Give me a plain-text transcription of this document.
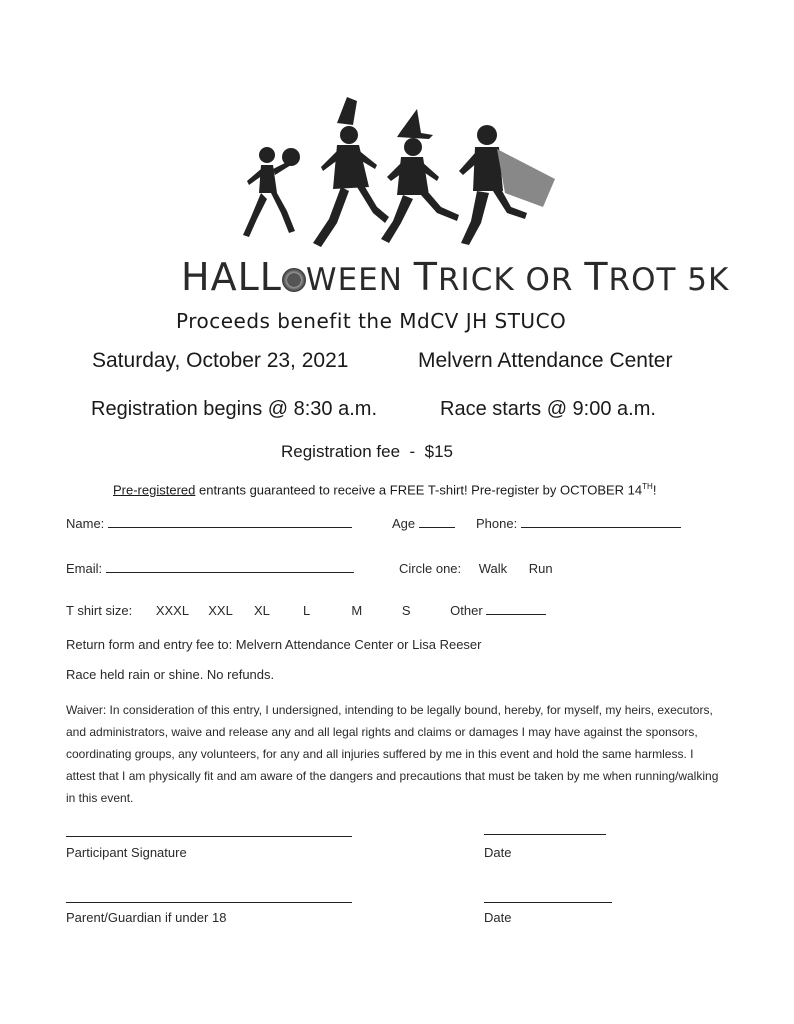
HALL WEEN TRICK OR TROT 5K
Proceeds benefit the MdCV JH STUCO
Saturday, October 23, 2021	Melvern Attendance Center
Registration begins @ 8:30 a.m.	Race starts @ 9:00 a.m.
Registration fee  -  $15
Pre-registered entrants guaranteed to receive a FREE T-shirt! Pre-register by OCTOBER 14TH!
Name:	Age	Phone:
Email:	Circle one: Walk Run
T shirt size: XXXL XXL XL	L	M	S	Other
Return form and entry fee to: Melvern Attendance Center or Lisa Reeser
Race held rain or shine. No refunds.
Waiver: In consideration of this entry, I undersigned, intending to be legally bound, hereby, for myself, my heirs, executors, and administrators, waive and release any and all legal rights and claims or damages I may have against the sponsors, coordinating groups, any volunteers, for any and all injuries suffered by me in this event and hold the same harmless. I attest that I am physically fit and am aware of the dangers and precautions that must be taken by me when running/walking in this event.
Participant Signature	Date
Parent/Guardian if under 18	Date
